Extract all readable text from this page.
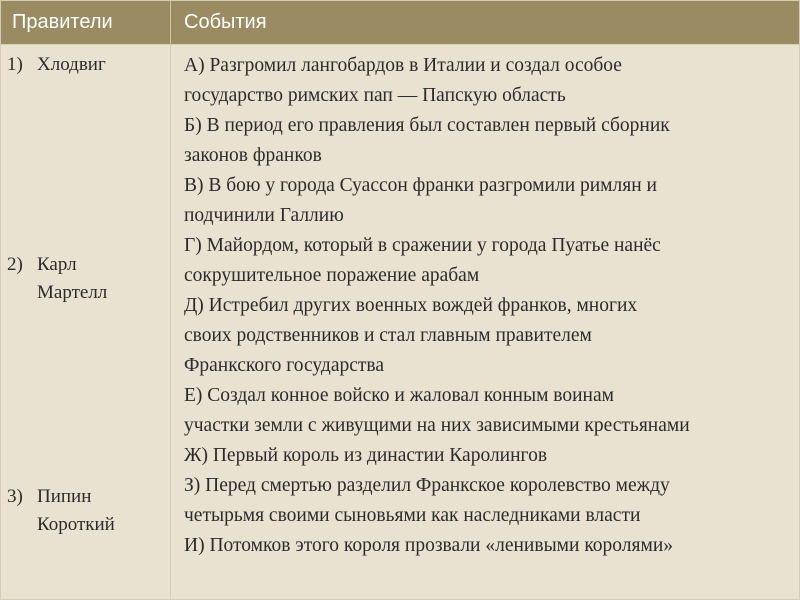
Правители	События
1) Хлодвиг
2) Карл
Мартелл
3) Пипин
Короткий

А) Разгромил лангобардов в Италии и создал особое
государство римских пап — Папскую область

Б) В период его правления был составлен первый сборник
законов франков

В) В бою у города Суассон франки разгромили римлян и
подчинили Галлию

Г) Майордом, который в сражении у города Пуатье нанёс
сокрушительное поражение арабам

Д) Истребил других военных вождей франков, многих
своих родственников и стал главным правителем
Франкского государства

Е) Создал конное войско и жаловал конным воинам
участки земли с живущими на них зависимыми крестьянами

Ж) Первый король из династии Каролингов

З) Перед смертью разделил Франкское королевство между
четырьмя своими сыновьями как наследниками власти

И) Потомков этого короля прозвали «ленивыми королями»
